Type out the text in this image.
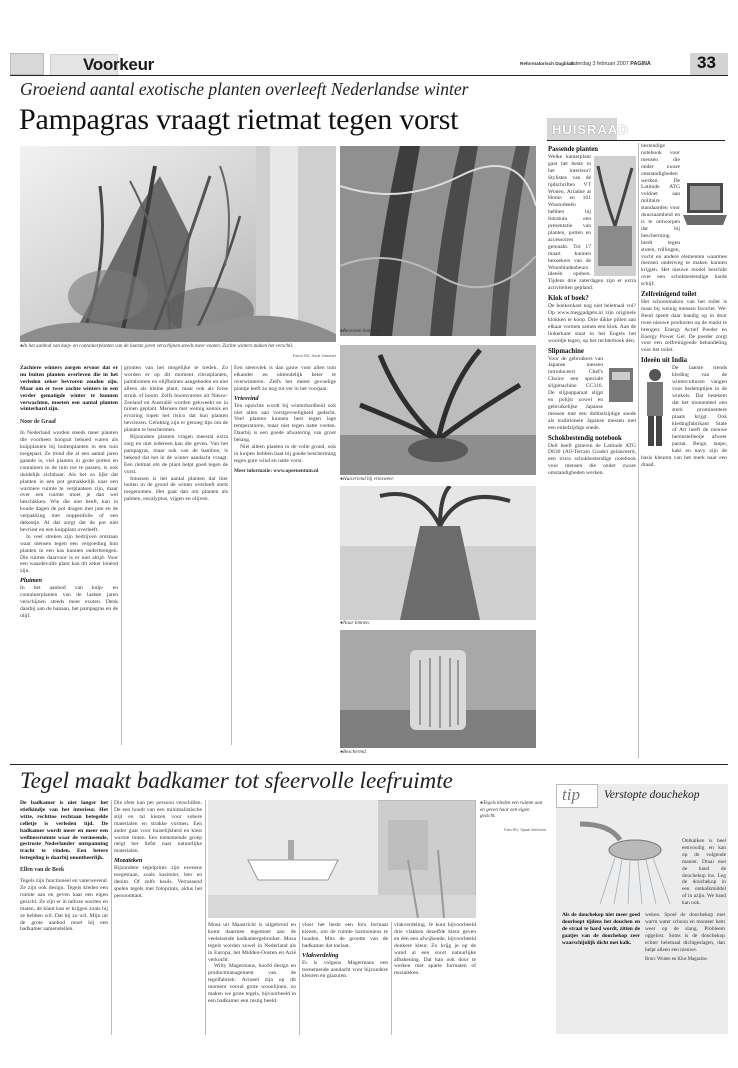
Voorkeur	Reformatorisch Dagblad
zaterdag 3 februari 2007 PAGINA	33
Groeiend aantal exotische planten overleeft Nederlandse winter
Pampagras vraagt rietmat tegen vorst
● In het aanbod van kuip- en containerplanten van de laatste jaren verschijnen steeds meer exoten. Zachte winters maken het verschil.
Foto's RD, Henk Visscher
● Bevroren bananen.
Zachtere winters zorgen ervoor dat er nu buiten planten overleven die in het verleden zeker bevroren zouden zijn. Maar om er twee zachte winters in een verder gematigde winter te kunnen verwachten, moeten een aantal planten winterhard zijn.
Noor de Graaf

In Nederland worden steeds meer planten die voorheen hooguit behoed waren als kuipplanten bij buitenplanten in een tuin toegepast. Ze trend die al een aantal jaren gaande is, viel planten in grote potten en containers in de tuin toe te passen, is ook duidelijk zichtbaar. Als het zo lijkt dat planten in een pot gemakkelijk naar een warmere ruimte te verplaatsen zijn, maar over een ruimte moet je dan wel beschikken. Wie die niet heeft, kan in koude dagen de pot dragen met jute en de verpakking met noppenfolie of een dekentje. Al dat zorgt dat de pot niet bevriest en een kuipplant overleeft.

In veel streken zijn bedrijven ontstaan waar mensen tegen een vergoeding hun planten in een kas kunnen onderbrengen. Die ruimte daarvoor is er niet altijd. Voor een waardevolle plant kan dit zeker lonend zijn.

Pluimen

In het aanbod van kuip- en containerplanten van de laatste jaren verschijnen steeds meer exoten. Denk daarbij aan de banaan, het pampagras en de olijf.

gronten van het mogelijke te treden. Zo worden er op dit moment citrusplanten, palmbomen en olijfbomen aangeboden en niet alleen als kleine plant, maar ook als forse struik of boom. Zelfs boomvarens uit Nieuw-Zeeland en Australië worden gekweekt en in tuinen geplant. Mensen met weinig kennis en ervaring lopen het risico dat hun planten bevriezen. Gelukkig zijn er genoeg tips om de planten te beschermen.

Bijzondere planten vragen meestal extra zorg en niet iedereen kan die geven. Van het pampagras, maar ook van de bamboe, is bekend dat het in de winter aandacht vraagt. Een rietmat om de plant helpt goed tegen de vorst.

Intussen is het aantal planten dat hier buiten in de grond de winter overleeft sterk toegenomen. Het gaat dan om planten als palmen, eucalyptus, vijgen en olijven.

Een steenvlek is dan gauw voor allen tuin elkander en uiteindelijk beter te overwinteren. Zelfs het meest gevoelige plantje leeft zo nog tot ver in het voorjaar.

Vriesvind

Ten opzichte wordt bij winterhardheid ook niet allen aan vorstgevoeligheid gedacht. Veel planten kunnen best tegen lage temperaturen, maar niet tegen natte voeten. Daarbij is een goede afwatering van groot belang.

Niet alleen planten in de volle grond, ook in kuipen hebben baat bij goede bescherming tegen gure wind en natte vorst.

Meer informatie: www.opeenentuin.nl
● Huisvriend bij vriesweer.
● Naar binnen.
● Beschermd.
HUISRAAD
Passende planten

Welke kamerplant gaat het beste in het interieur? Stylistes van de tijdschriften VT Wonen, Ariadne at Home en 101 Woonideeën hebben bij Intratuin een presentatie van planten, potten en accessoires gemaakt. Tot 17 maart kunnen bezoekers van de Woonbladenbeurs ideeën opdoen. Tijdens drie zaterdagen zijn er extra activiteiten gepland.

Klok of boek?

De boekenkast nog niet helemaal vol? Op www.meggadgets.nl zijn originele klokken te koop. Drie dikke pillen aan elkaar vormen samen een klok. Aan de linkerkant staat in het Engels het woordje tegen, op het rechterboek dén.

Slipmachine

Voor de gebruikers van Japanse messen introduceert Chef's Choice een speciale slijpmachine CC316. De slijpapparaat slijpt en polijst zowel en gebruikelijke Japanse messen met een dubbelzijdige snede als traditionele Japanse messen met een enkelzijdige snede.

Schokbestendig notebook

Dell heeft gisteren de Latitude ATG D630 (All-Terrain Grade) gelanceerd, een extra schokbestendige notebook voor mensen die onder zware omstandigheden werken.

bestendige notebook voor mensen die onder zware omstandigheden werken. De Latitude ATG voldoet aan militaire standaarden voor duurzaamheid en is te ontworpen dat bij bescherming biedt tegen stoten, trillingen, vocht en andere elementen waarmee mensen onderweg te maken kunnen krijgen. Het nieuwe model beschikt over een schokbestendige harde schijf.

Zelfreinigend toilet

Het schoonmaken van het toilet is maar bij weinig mensen favoriet. We-Bend speelt daar handig op in door twee nieuwe producten op de markt te brengen: Energy Actief Poeder en Energy Power Gel. De poeder zorgt voor een zelfreinigende behandeling voor het toilet.

Ideeën uit India

De laatste trends kleding van de winterculturen vangen voor bedemptijen in de winkels. Dat betekent dat het momenteel een sterk prominentere plaats krijgt. Ook kledingfabrikant State of Art heeft de nieuwe herenstelleetje afweer paraat. Beige, taupe, kaki en navy zijn de basis kleuren van het merk naar een draad.

Tegel maakt badkamer tot sfeervolle leefruimte
De badkamer is niet langer het stiefkindje van het interieur. Het witte, rechttoe rechtaan betegelde celletje is verleden tijd. De badkamer wordt meer en meer een wellnessruimte waar de vormeende, gestroste Nederlander ontspanning tracht te vinden. Een betere betegeling is daarbij onontbeerlijk.
Ellen van de Beek

Tegels zijn functioneel en vaterwerend. Ze zijn ook design. Tegels kleden een ruimte aan en geven haar een eigen gezicht. Ze zijn er in talloze soorten en maten, de klant kan er krijgen zoals hij ze hebben wil. Dat hij zo wil. Mijn uit de grote aanbod moet hij een badkamer samenstellen.

Die sfeer kan per persoon verschillen. De een houdt van een minimalistische stijl en tal kiezen voor sobere materialen en strakke vormen. Een ander gaat voor huiselijkheid en kiest warme tinten. Een toenemende groep neigt het liefst naar natuurlijke materialen.

Mozaïeken

Bijzondere tegelprints zijn evenens toegestaan, zoals kasimier, leer en denim. Of zelfs keuls. Verrassend spelen tegels met fotoprints, aldus het persoonttant.

Mosa uit Maastricht is uitgebreid en komt daarmee tegemoet aan de veeleisende badkamergebruiker. Mosa tegels worden zowel in Nederland als in Europa, het Midden-Oosten en Azië verkocht.

Willy Magermans, hoofd design en productmanagement van de tegelfabriek: Actueel zijn op dit moment vooral grote woonlijnen, zo maken we grote tegels, bijvoorbeeld in een badkamer een rustig beeld.

vloer het beste een fors formaat kiezen, om de ruimte harmonieus te houden. Mits de groutte van de badkamer dat toelaat.

Vlakverdeling

Er is volgens Magermans een toenemende aandacht voor bijzondere kleuren en glazuren.

● Tegels kleden een ruimte aan en geven haar een eigen gezicht.
Foto RD, Sjaak Verboom

vlakverdeling. Je kunt bijvoorbeeld drie vlakken dezelfde kleur geven en één een afwijkende, bijvoorbeeld donkere kleur. Zo krijg je op de wand al een soort natuurlijke afbakening. Dat kan ook door te werken met aparte formaten of mozaïeken.

tip Verstopte douchekop

Ontkalken is heel eenvoudig en kan op de volgende manier. Draai met de hand de douchekop los. Leg de douchekop in een ontkalkmiddel of in azijn. We band kan ook.

Als de douchekop niet meer goed doorloopt tijdens het douchen en de straal te hard wordt, zitten de gaatjes van de douchekop zeer waarschijnlijk dicht met kalk.

weken. Spoel de douchekop met warm water schoon en monteer hem weer op de slang. Probleem opgelost. Soms is de douchekop echter helemaal dichtgeslagen, dan helpt alleen een nieuwe.

Bron: Wonen en Klus Magazine.
